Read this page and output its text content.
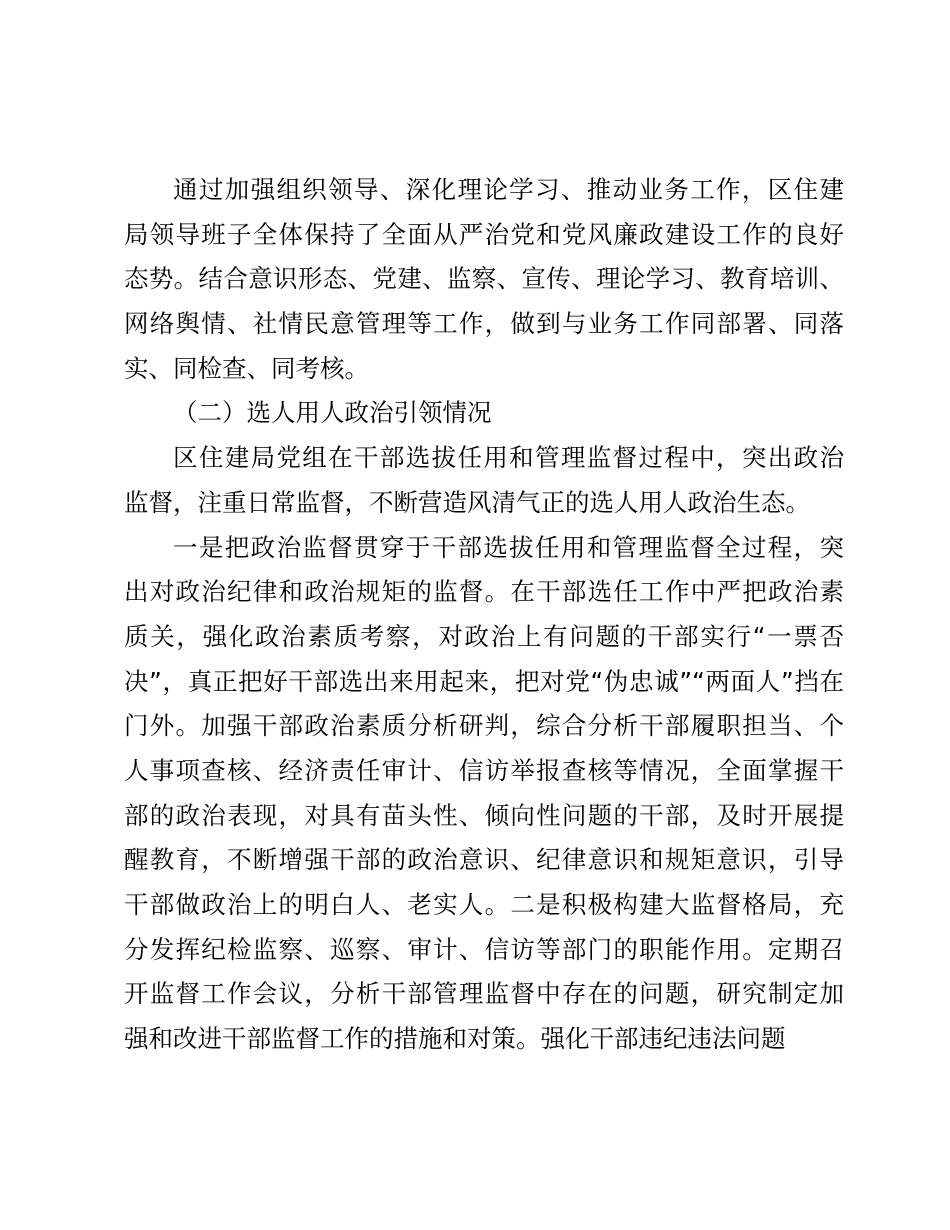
通过加强组织领导、深化理论学习、推动业务工作，区住建
局领导班子全体保持了全面从严治党和党风廉政建设工作的良好
态势。结合意识形态、党建、监察、宣传、理论学习、教育培训、
网络舆情、社情民意管理等工作，做到与业务工作同部署、同落
实、同检查、同考核。
（二）选人用人政治引领情况
区住建局党组在干部选拔任用和管理监督过程中，突出政治
监督，注重日常监督，不断营造风清气正的选人用人政治生态。
一是把政治监督贯穿于干部选拔任用和管理监督全过程，突
出对政治纪律和政治规矩的监督。在干部选任工作中严把政治素
质关，强化政治素质考察，对政治上有问题的干部实行“一票否
决”，真正把好干部选出来用起来，把对党“伪忠诚”“两面人”挡在
门外。加强干部政治素质分析研判，综合分析干部履职担当、个
人事项查核、经济责任审计、信访举报查核等情况，全面掌握干
部的政治表现，对具有苗头性、倾向性问题的干部，及时开展提
醒教育，不断增强干部的政治意识、纪律意识和规矩意识，引导
干部做政治上的明白人、老实人。二是积极构建大监督格局，充
分发挥纪检监察、巡察、审计、信访等部门的职能作用。定期召
开监督工作会议，分析干部管理监督中存在的问题，研究制定加
强和改进干部监督工作的措施和对策。强化干部违纪违法问题
